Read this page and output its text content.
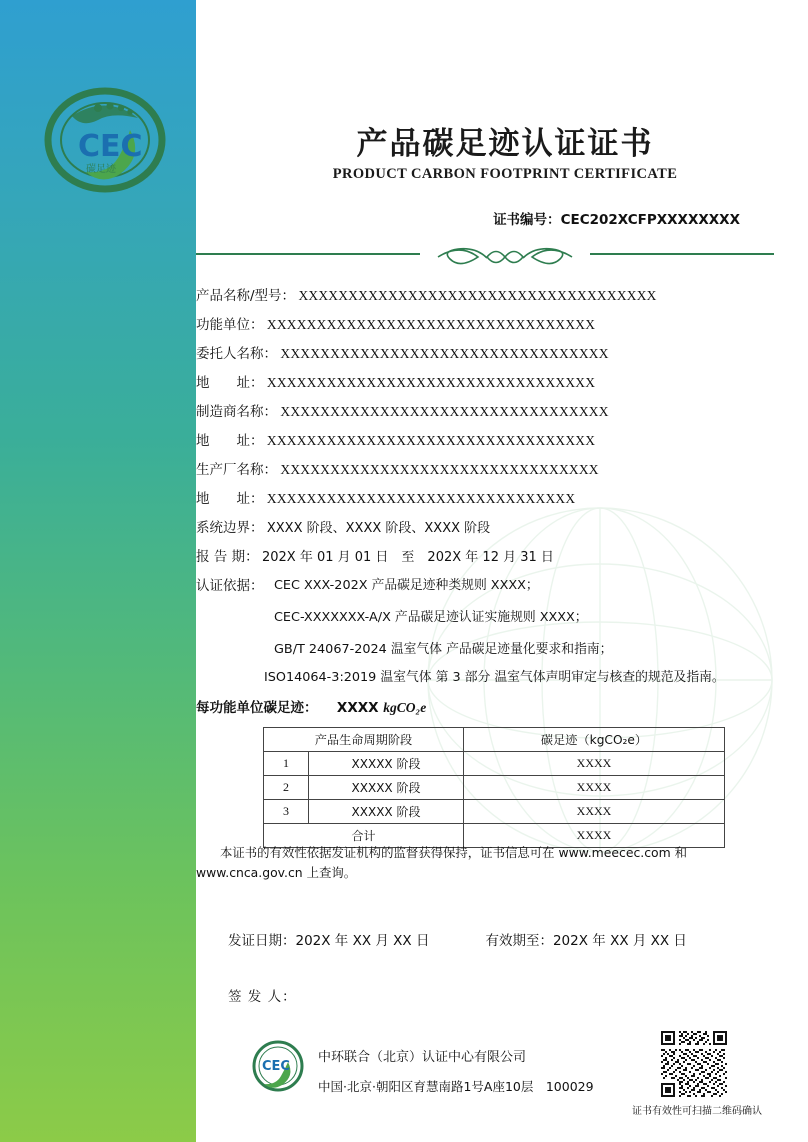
CEC
碳足迹
产品碳足迹认证证书
PRODUCT CARBON FOOTPRINT CERTIFICATE
证书编号：CEC202XCFPXXXXXXXX
产品名称/型号： XXXXXXXXXXXXXXXXXXXXXXXXXXXXXXXXXXXX
功能单位： XXXXXXXXXXXXXXXXXXXXXXXXXXXXXXXXX
委托人名称： XXXXXXXXXXXXXXXXXXXXXXXXXXXXXXXXX
地　　址： XXXXXXXXXXXXXXXXXXXXXXXXXXXXXXXXX
制造商名称： XXXXXXXXXXXXXXXXXXXXXXXXXXXXXXXXX
地　　址： XXXXXXXXXXXXXXXXXXXXXXXXXXXXXXXXX
生产厂名称： XXXXXXXXXXXXXXXXXXXXXXXXXXXXXXXX
地　　址： XXXXXXXXXXXXXXXXXXXXXXXXXXXXXXX
系统边界： XXXX 阶段、XXXX 阶段、XXXX 阶段
报 告 期： 202X 年 01 月 01 日　至　202X 年 12 月 31 日
认证依据： CEC XXX-202X 产品碳足迹种类规则 XXXX；
CEC-XXXXXXX-A/X 产品碳足迹认证实施规则 XXXX；
GB/T 24067-2024 温室气体 产品碳足迹量化要求和指南；
ISO14064-3:2019 温室气体 第 3 部分 温室气体声明审定与核查的规范及指南。
每功能单位碳足迹： XXXX kgCO₂e
产品生命周期阶段		碳足迹（kgCO₂e）
1	XXXXX 阶段	XXXX
2	XXXXX 阶段	XXXX
3	XXXXX 阶段	XXXX
合计		XXXX
本证书的有效性依据发证机构的监督获得保持，证书信息可在 www.meecec.com 和 www.cnca.gov.cn 上查询。
发证日期：202X 年 XX 月 XX 日	有效期至：202X 年 XX 月 XX 日
签 发 人：
CEC
中环联合（北京）认证中心有限公司
中国·北京·朝阳区育慧南路1号A座10层　100029
证书有效性可扫描二维码确认
